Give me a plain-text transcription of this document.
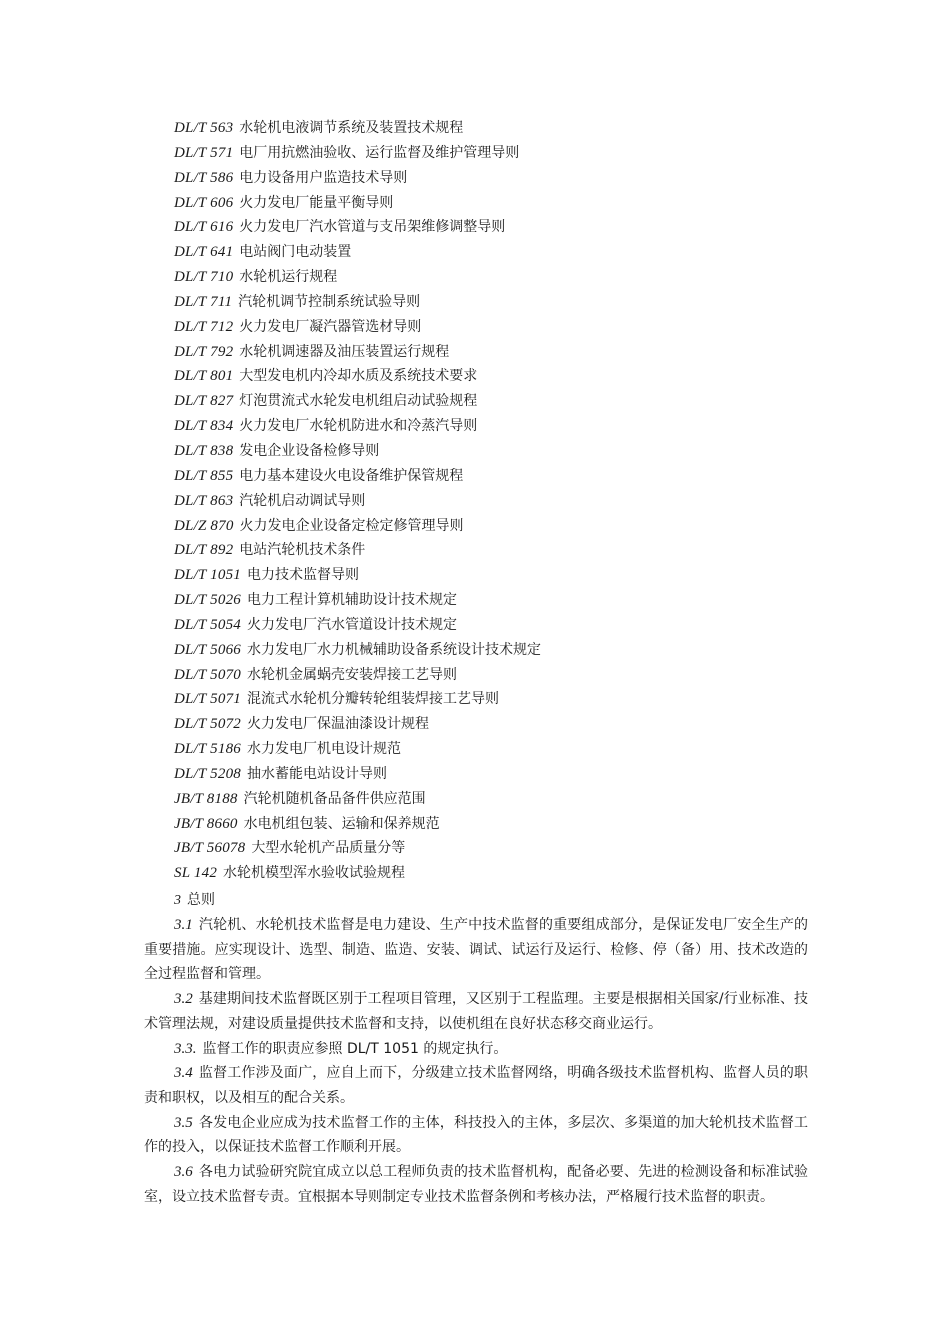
DL/T 563 水轮机电液调节系统及装置技术规程
DL/T 571 电厂用抗燃油验收、运行监督及维护管理导则
DL/T 586 电力设备用户监造技术导则
DL/T 606 火力发电厂能量平衡导则
DL/T 616 火力发电厂汽水管道与支吊架维修调整导则
DL/T 641 电站阀门电动装置
DL/T 710 水轮机运行规程
DL/T 711 汽轮机调节控制系统试验导则
DL/T 712 火力发电厂凝汽器管选材导则
DL/T 792 水轮机调速器及油压装置运行规程
DL/T 801 大型发电机内冷却水质及系统技术要求
DL/T 827 灯泡贯流式水轮发电机组启动试验规程
DL/T 834 火力发电厂水轮机防进水和冷蒸汽导则
DL/T 838 发电企业设备检修导则
DL/T 855 电力基本建设火电设备维护保管规程
DL/T 863 汽轮机启动调试导则
DL/Z 870 火力发电企业设备定检定修管理导则
DL/T 892 电站汽轮机技术条件
DL/T 1051 电力技术监督导则
DL/T 5026 电力工程计算机辅助设计技术规定
DL/T 5054 火力发电厂汽水管道设计技术规定
DL/T 5066 水力发电厂水力机械辅助设备系统设计技术规定
DL/T 5070 水轮机金属蜗壳安装焊接工艺导则
DL/T 5071 混流式水轮机分瓣转轮组装焊接工艺导则
DL/T 5072 火力发电厂保温油漆设计规程
DL/T 5186 水力发电厂机电设计规范
DL/T 5208 抽水蓄能电站设计导则
JB/T 8188 汽轮机随机备品备件供应范围
JB/T 8660 水电机组包装、运输和保养规范
JB/T 56078 大型水轮机产品质量分等
SL 142 水轮机模型浑水验收试验规程
3 总则

3.1 汽轮机、水轮机技术监督是电力建设、生产中技术监督的重要组成部分，是保证发电厂安全生产的重要措施。应实现设计、选型、制造、监造、安装、调试、试运行及运行、检修、停（备）用、技术改造的全过程监督和管理。

3.2 基建期间技术监督既区别于工程项目管理，又区别于工程监理。主要是根据相关国家/行业标准、技术管理法规，对建设质量提供技术监督和支持，以使机组在良好状态移交商业运行。

3.3. 监督工作的职责应参照 DL/T 1051 的规定执行。

3.4 监督工作涉及面广，应自上而下，分级建立技术监督网络，明确各级技术监督机构、监督人员的职责和职权，以及相互的配合关系。

3.5 各发电企业应成为技术监督工作的主体，科技投入的主体，多层次、多渠道的加大轮机技术监督工作的投入，以保证技术监督工作顺利开展。

3.6 各电力试验研究院宜成立以总工程师负责的技术监督机构，配备必要、先进的检测设备和标准试验室，设立技术监督专责。宜根据本导则制定专业技术监督条例和考核办法，严格履行技术监督的职责。
